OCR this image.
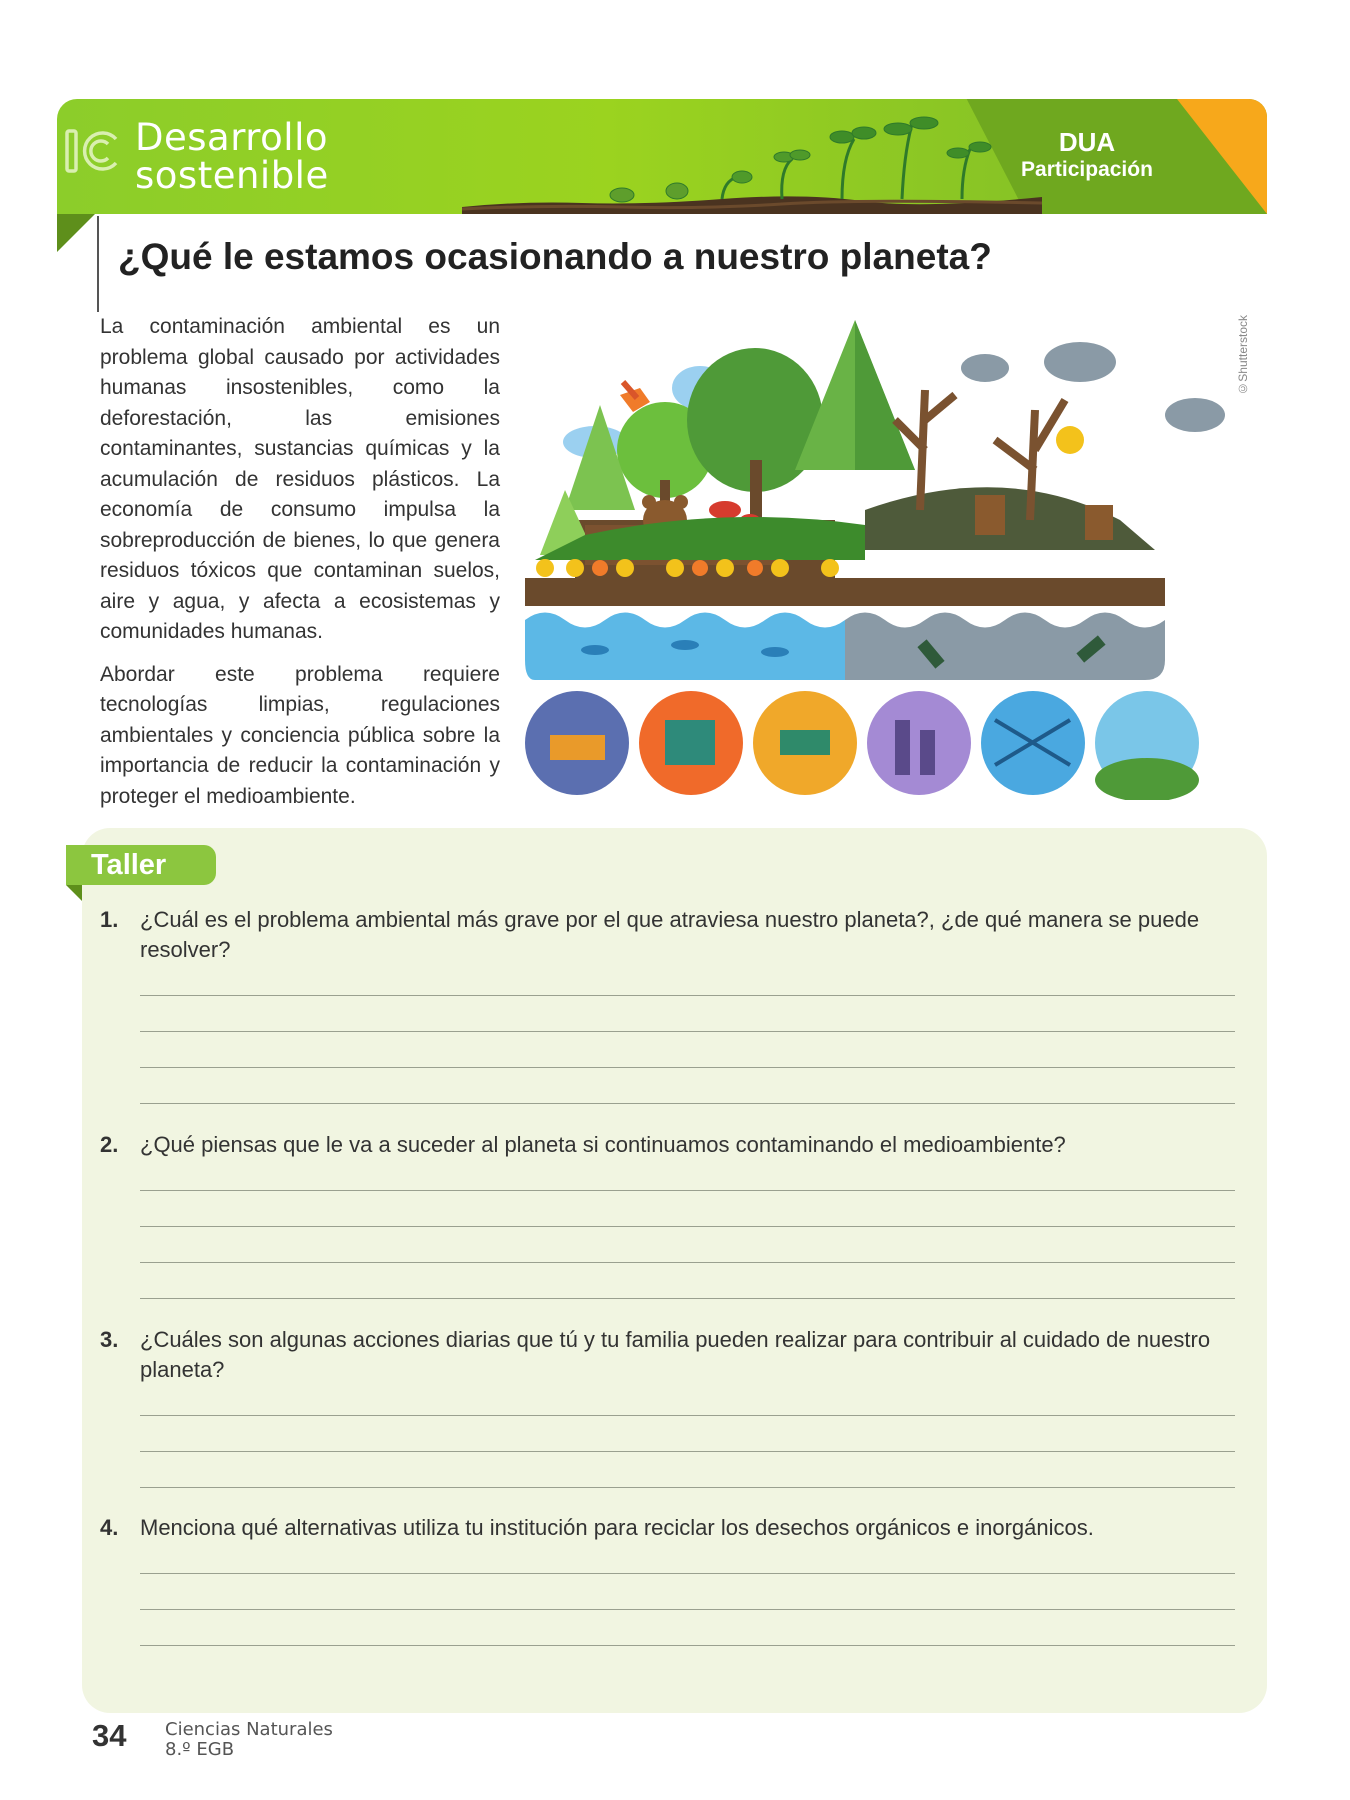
Desarrollo
sostenible
DUA
Participación
¿Qué le estamos ocasionando a nuestro planeta?

La contaminación ambiental es un problema global causado por actividades humanas insostenibles, como la deforestación, las emisiones contaminantes, sustancias químicas y la acumulación de residuos plásticos. La economía de consumo impulsa la sobreproducción de bienes, lo que genera residuos tóxicos que contaminan suelos, aire y agua, y afecta a ecosistemas y comunidades humanas.

Abordar este problema requiere tecnologías limpias, regulaciones ambientales y conciencia pública sobre la importancia de reducir la contaminación y proteger el medioambiente.

©Shutterstock
Taller
1. ¿Cuál es el problema ambiental más grave por el que atraviesa nuestro planeta?, ¿de qué manera se puede resolver?
2. ¿Qué piensas que le va a suceder al planeta si continuamos contaminando el medioambiente?
3. ¿Cuáles son algunas acciones diarias que tú y tu familia pueden realizar para contribuir al cuidado de nuestro planeta?
4. Menciona qué alternativas utiliza tu institución para reciclar los desechos orgánicos e inorgánicos.
34 Ciencias Naturales
8.º EGB
